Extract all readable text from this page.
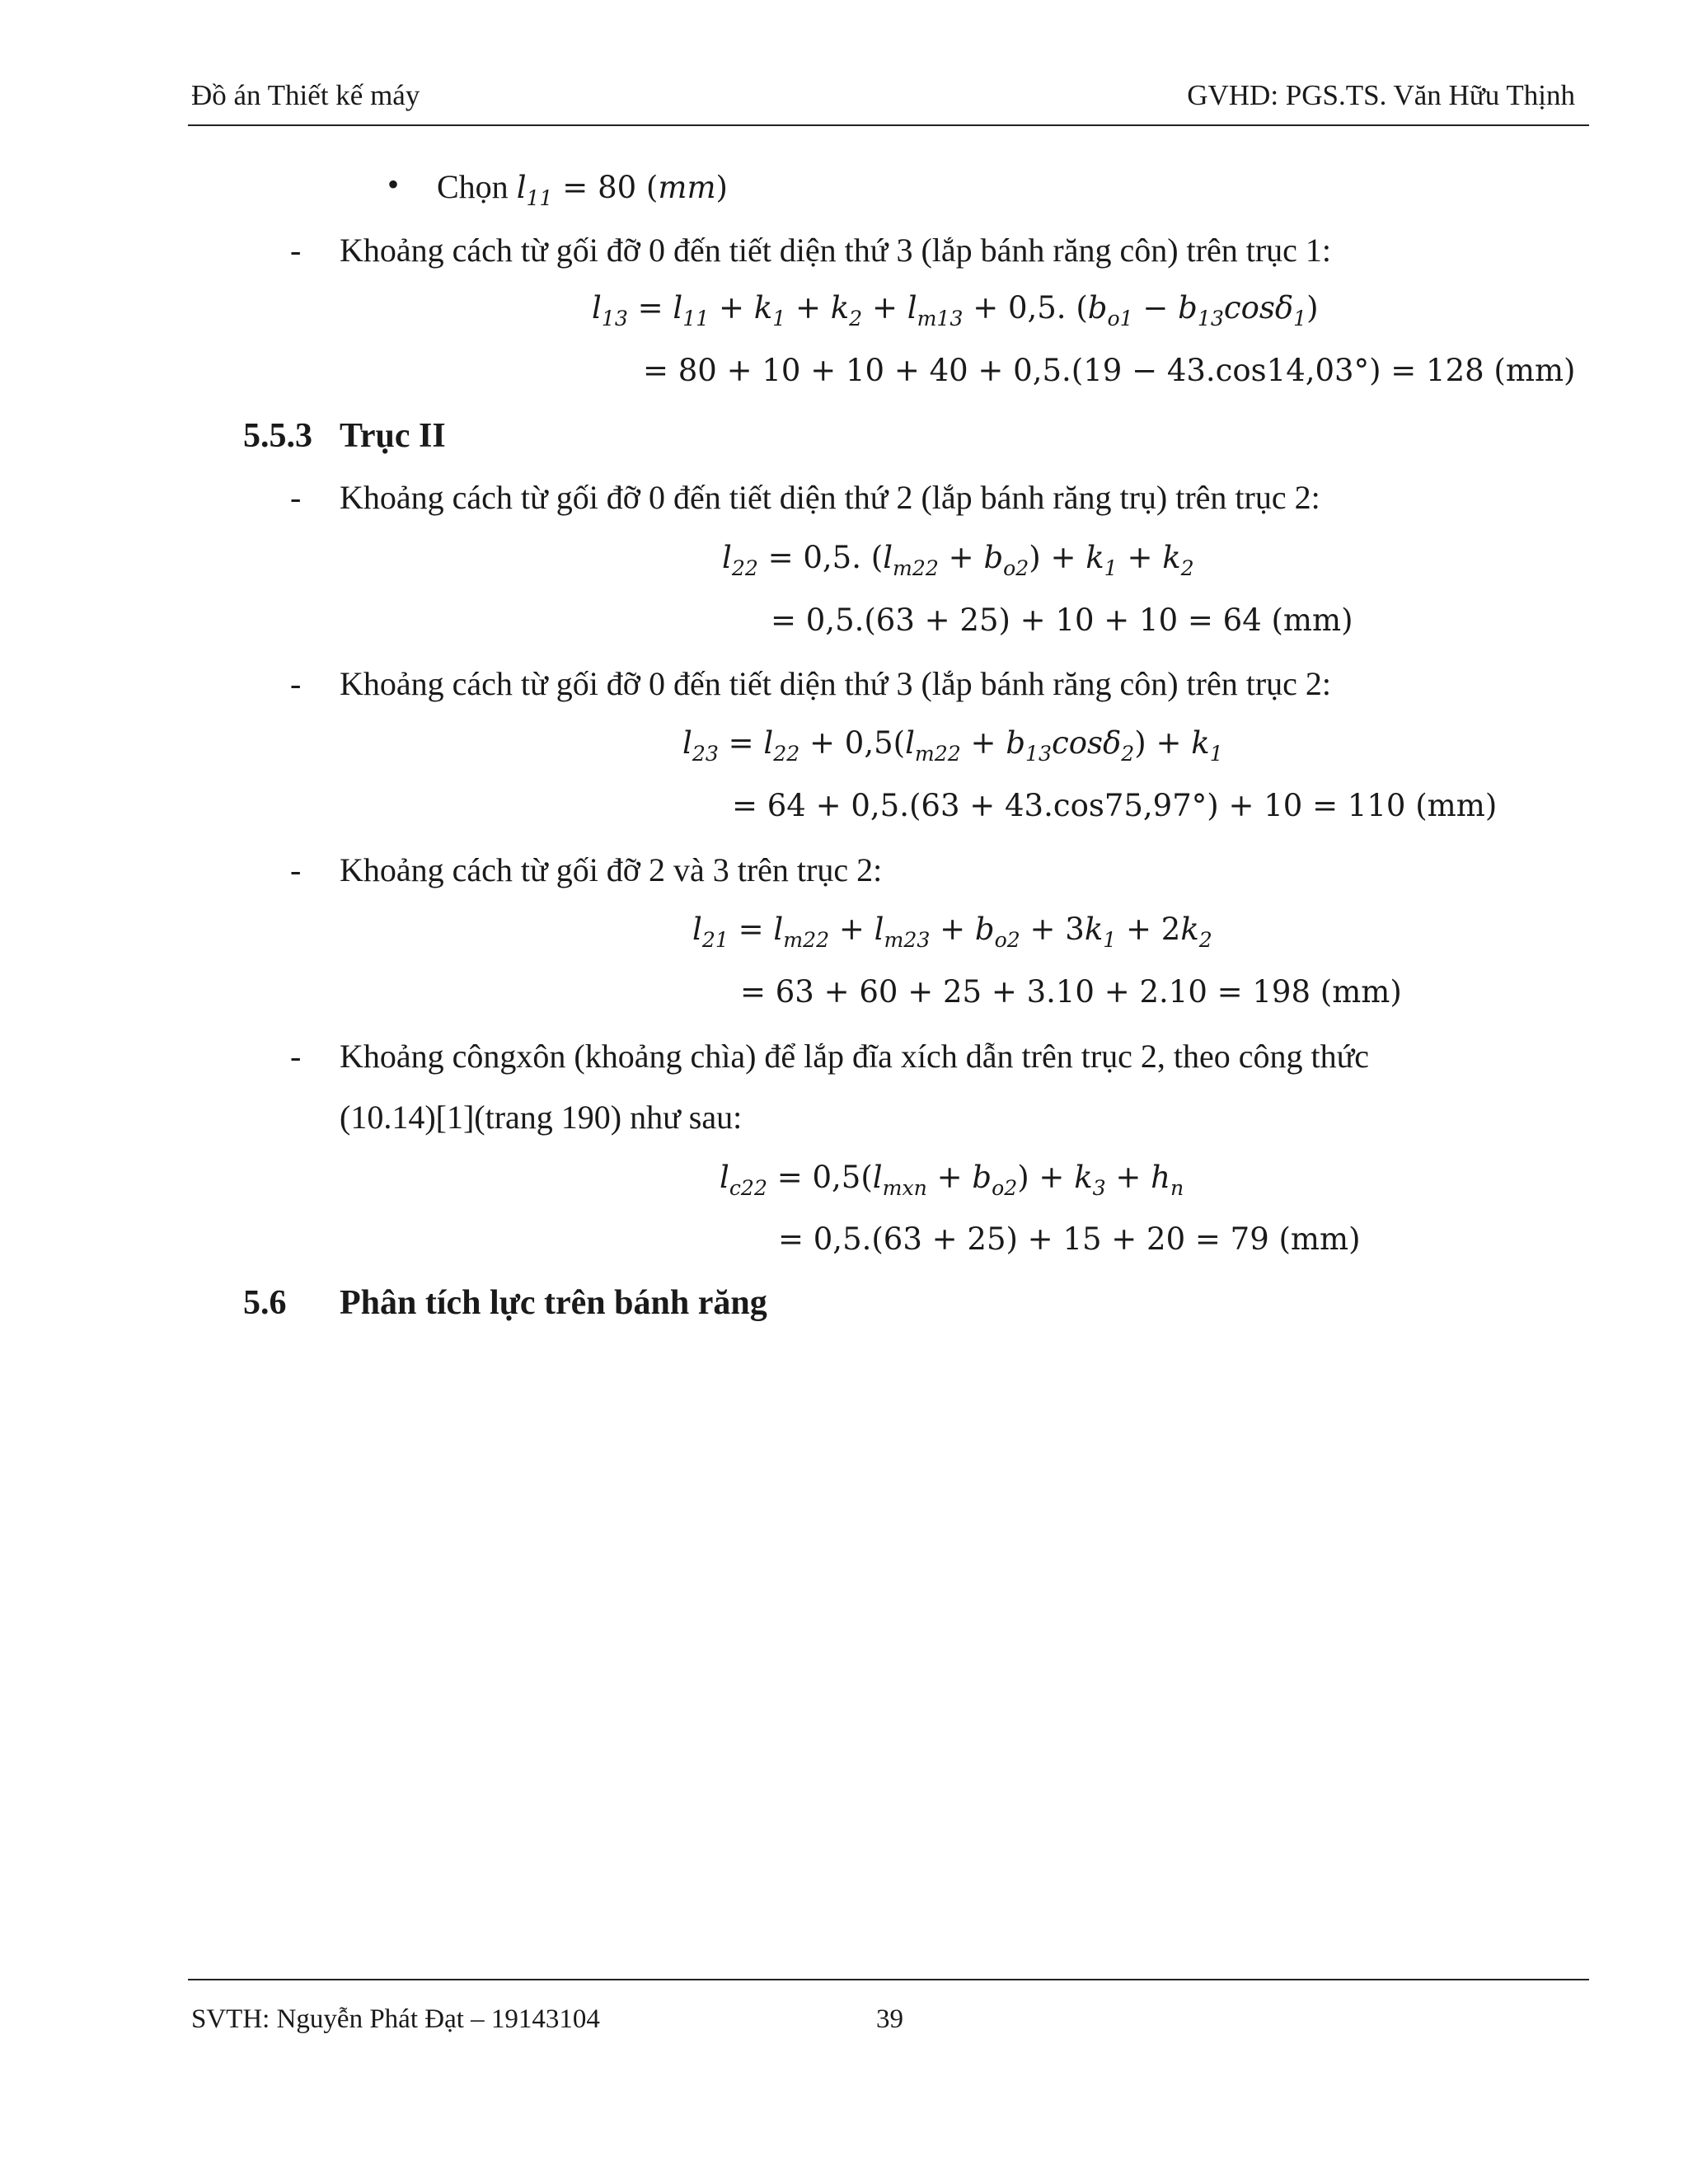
Đồ án Thiết kế máy	GVHD: PGS.TS. Văn Hữu Thịnh
• Chọn $l_{11} = 80$ (mm)
- Khoảng cách từ gối đỡ 0 đến tiết diện thứ 3 (lắp bánh răng côn) trên trục 1:
$l_{13} = l_{11} + k_1 + k_2 + l_{m13} + 0,5$. $(b_{o1} - b_{13}\cos\delta_1)$
= 80 + 10 + 10 + 40 + 0,5.(19 − 43.cos14,03°) = 128 (mm)
5.5.3 Trục II
- Khoảng cách từ gối đỡ 0 đến tiết diện thứ 2 (lắp bánh răng trụ) trên trục 2:
$l_{22} = 0,5$. $(l_{m22} + b_{o2}) + k_1 + k_2$
= 0,5.(63 + 25) + 10 + 10 = 64 (mm)
- Khoảng cách từ gối đỡ 0 đến tiết diện thứ 3 (lắp bánh răng côn) trên trục 2:
$l_{23} = l_{22} + 0,5(l_{m22} + b_{13}\cos\delta_2) + k_1$
= 64 + 0,5.(63 + 43.cos75,97°) + 10 = 110 (mm)
- Khoảng cách từ gối đỡ 2 và 3 trên trục 2:
$l_{21} = l_{m22} + l_{m23} + b_{o2} + 3k_1 + 2k_2$
= 63 + 60 + 25 + 3.10 + 2.10 = 198 (mm)
- Khoảng côngxôn (khoảng chìa) để lắp đĩa xích dẫn trên trục 2, theo công thức
(10.14)[1](trang 190) như sau:
$l_{c22} = 0,5(l_{mxn} + b_{o2}) + k_3 + h_n$
= 0,5.(63 + 25) + 15 + 20 = 79 (mm)
5.6 Phân tích lực trên bánh răng
SVTH: Nguyễn Phát Đạt – 19143104	39
